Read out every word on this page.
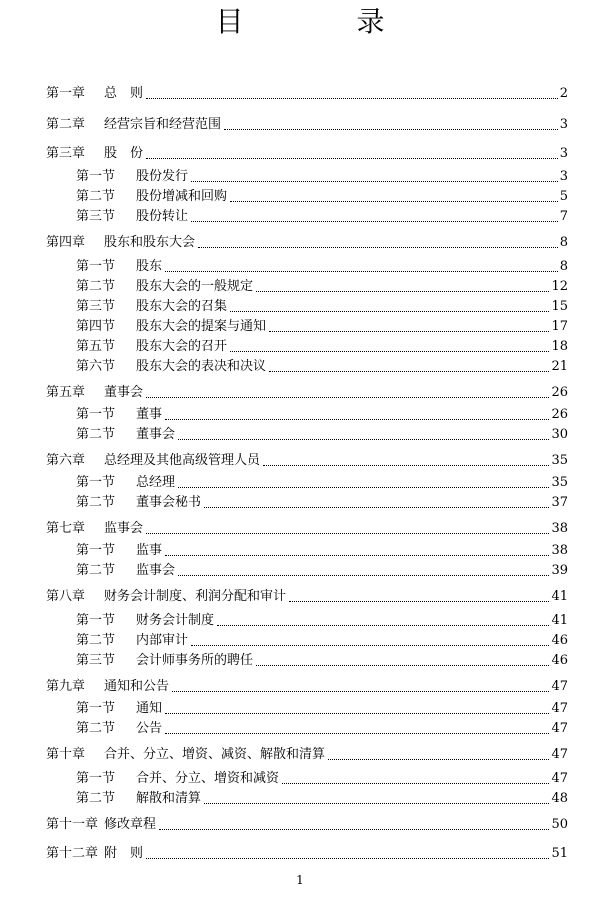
目 录
第一章 总　则	2
第二章 经营宗旨和经营范围	3
第三章 股　份	3
第一节 股份发行	3
第二节 股份增减和回购	5
第三节 股份转让	7
第四章 股东和股东大会	8
第一节 股东	8
第二节 股东大会的一般规定	12
第三节 股东大会的召集	15
第四节 股东大会的提案与通知	17
第五节 股东大会的召开	18
第六节 股东大会的表决和决议	21
第五章 董事会	26
第一节 董事	26
第二节 董事会	30
第六章 总经理及其他高级管理人员	35
第一节 总经理	35
第二节 董事会秘书	37
第七章 监事会	38
第一节 监事	38
第二节 监事会	39
第八章 财务会计制度、利润分配和审计	41
第一节 财务会计制度	41
第二节 内部审计	46
第三节 会计师事务所的聘任	46
第九章 通知和公告	47
第一节 通知	47
第二节 公告	47
第十章 合并、分立、增资、减资、解散和清算	47
第一节 合并、分立、增资和减资	47
第二节 解散和清算	48
第十一章 修改章程	50
第十二章 附　则	51
1
